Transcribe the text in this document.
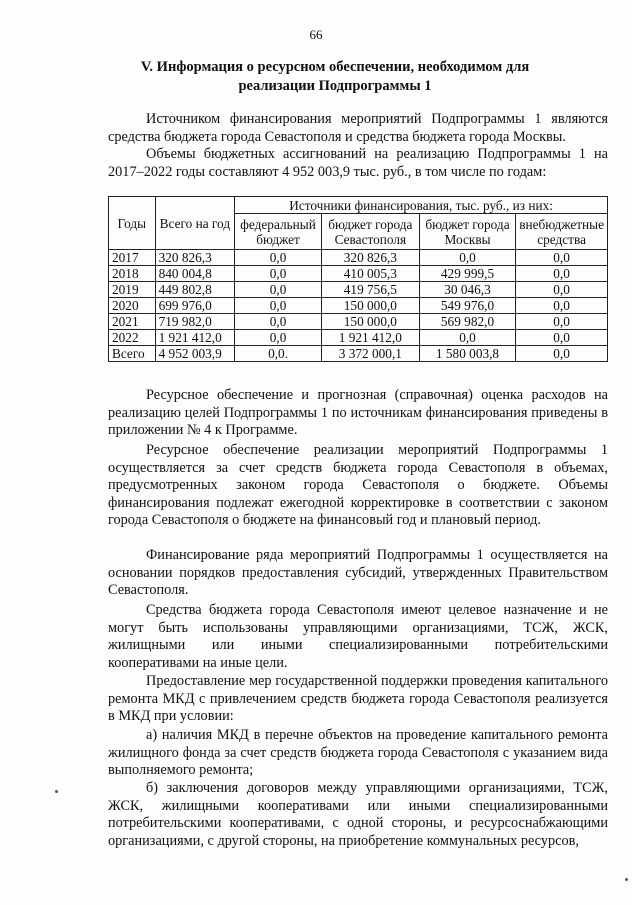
66
V. Информация о ресурсном обеспечении, необходимом для
реализации Подпрограммы 1
Источником финансирования мероприятий Подпрограммы 1 являются средства бюджета города Севастополя и средства бюджета города Москвы.
Объемы бюджетных ассигнований на реализацию Подпрограммы 1 на 2017–2022 годы составляют 4 952 003,9 тыс. руб., в том числе по годам:
Годы	Всего на год	Источники финансирования, тыс. руб., из них:			
		федеральный бюджет	бюджет города Севастополя	бюджет города Москвы	внебюджетные средства
2017	320 826,3	0,0	320 826,3	0,0	0,0
2018	840 004,8	0,0	410 005,3	429 999,5	0,0
2019	449 802,8	0,0	419 756,5	30 046,3	0,0
2020	699 976,0	0,0	150 000,0	549 976,0	0,0
2021	719 982,0	0,0	150 000,0	569 982,0	0,0
2022	1 921 412,0	0,0	1 921 412,0	0,0	0,0
Всего	4 952 003,9	0,0.	3 372 000,1	1 580 003,8	0,0
Ресурсное обеспечение и прогнозная (справочная) оценка расходов на реализацию целей Подпрограммы 1 по источникам финансирования приведены в приложении № 4 к Программе.
Ресурсное обеспечение реализации мероприятий Подпрограммы 1 осуществляется за счет средств бюджета города Севастополя в объемах, предусмотренных законом города Севастополя о бюджете. Объемы финансирования подлежат ежегодной корректировке в соответствии с законом города Севастополя о бюджете на финансовый год и плановый период.
Финансирование ряда мероприятий Подпрограммы 1 осуществляется на основании порядков предоставления субсидий, утвержденных Правительством Севастополя.
Средства бюджета города Севастополя имеют целевое назначение и не могут быть использованы управляющими организациями, ТСЖ, ЖСК, жилищными или иными специализированными потребительскими кооперативами на иные цели.
Предоставление мер государственной поддержки проведения капитального ремонта МКД с привлечением средств бюджета города Севастополя реализуется в МКД при условии:
а) наличия МКД в перечне объектов на проведение капитального ремонта жилищного фонда за счет средств бюджета города Севастополя с указанием вида выполняемого ремонта;
б) заключения договоров между управляющими организациями, ТСЖ, ЖСК, жилищными кооперативами или иными специализированными потребительскими кооперативами, с одной стороны, и ресурсоснабжающими организациями, с другой стороны, на приобретение коммунальных ресурсов,
